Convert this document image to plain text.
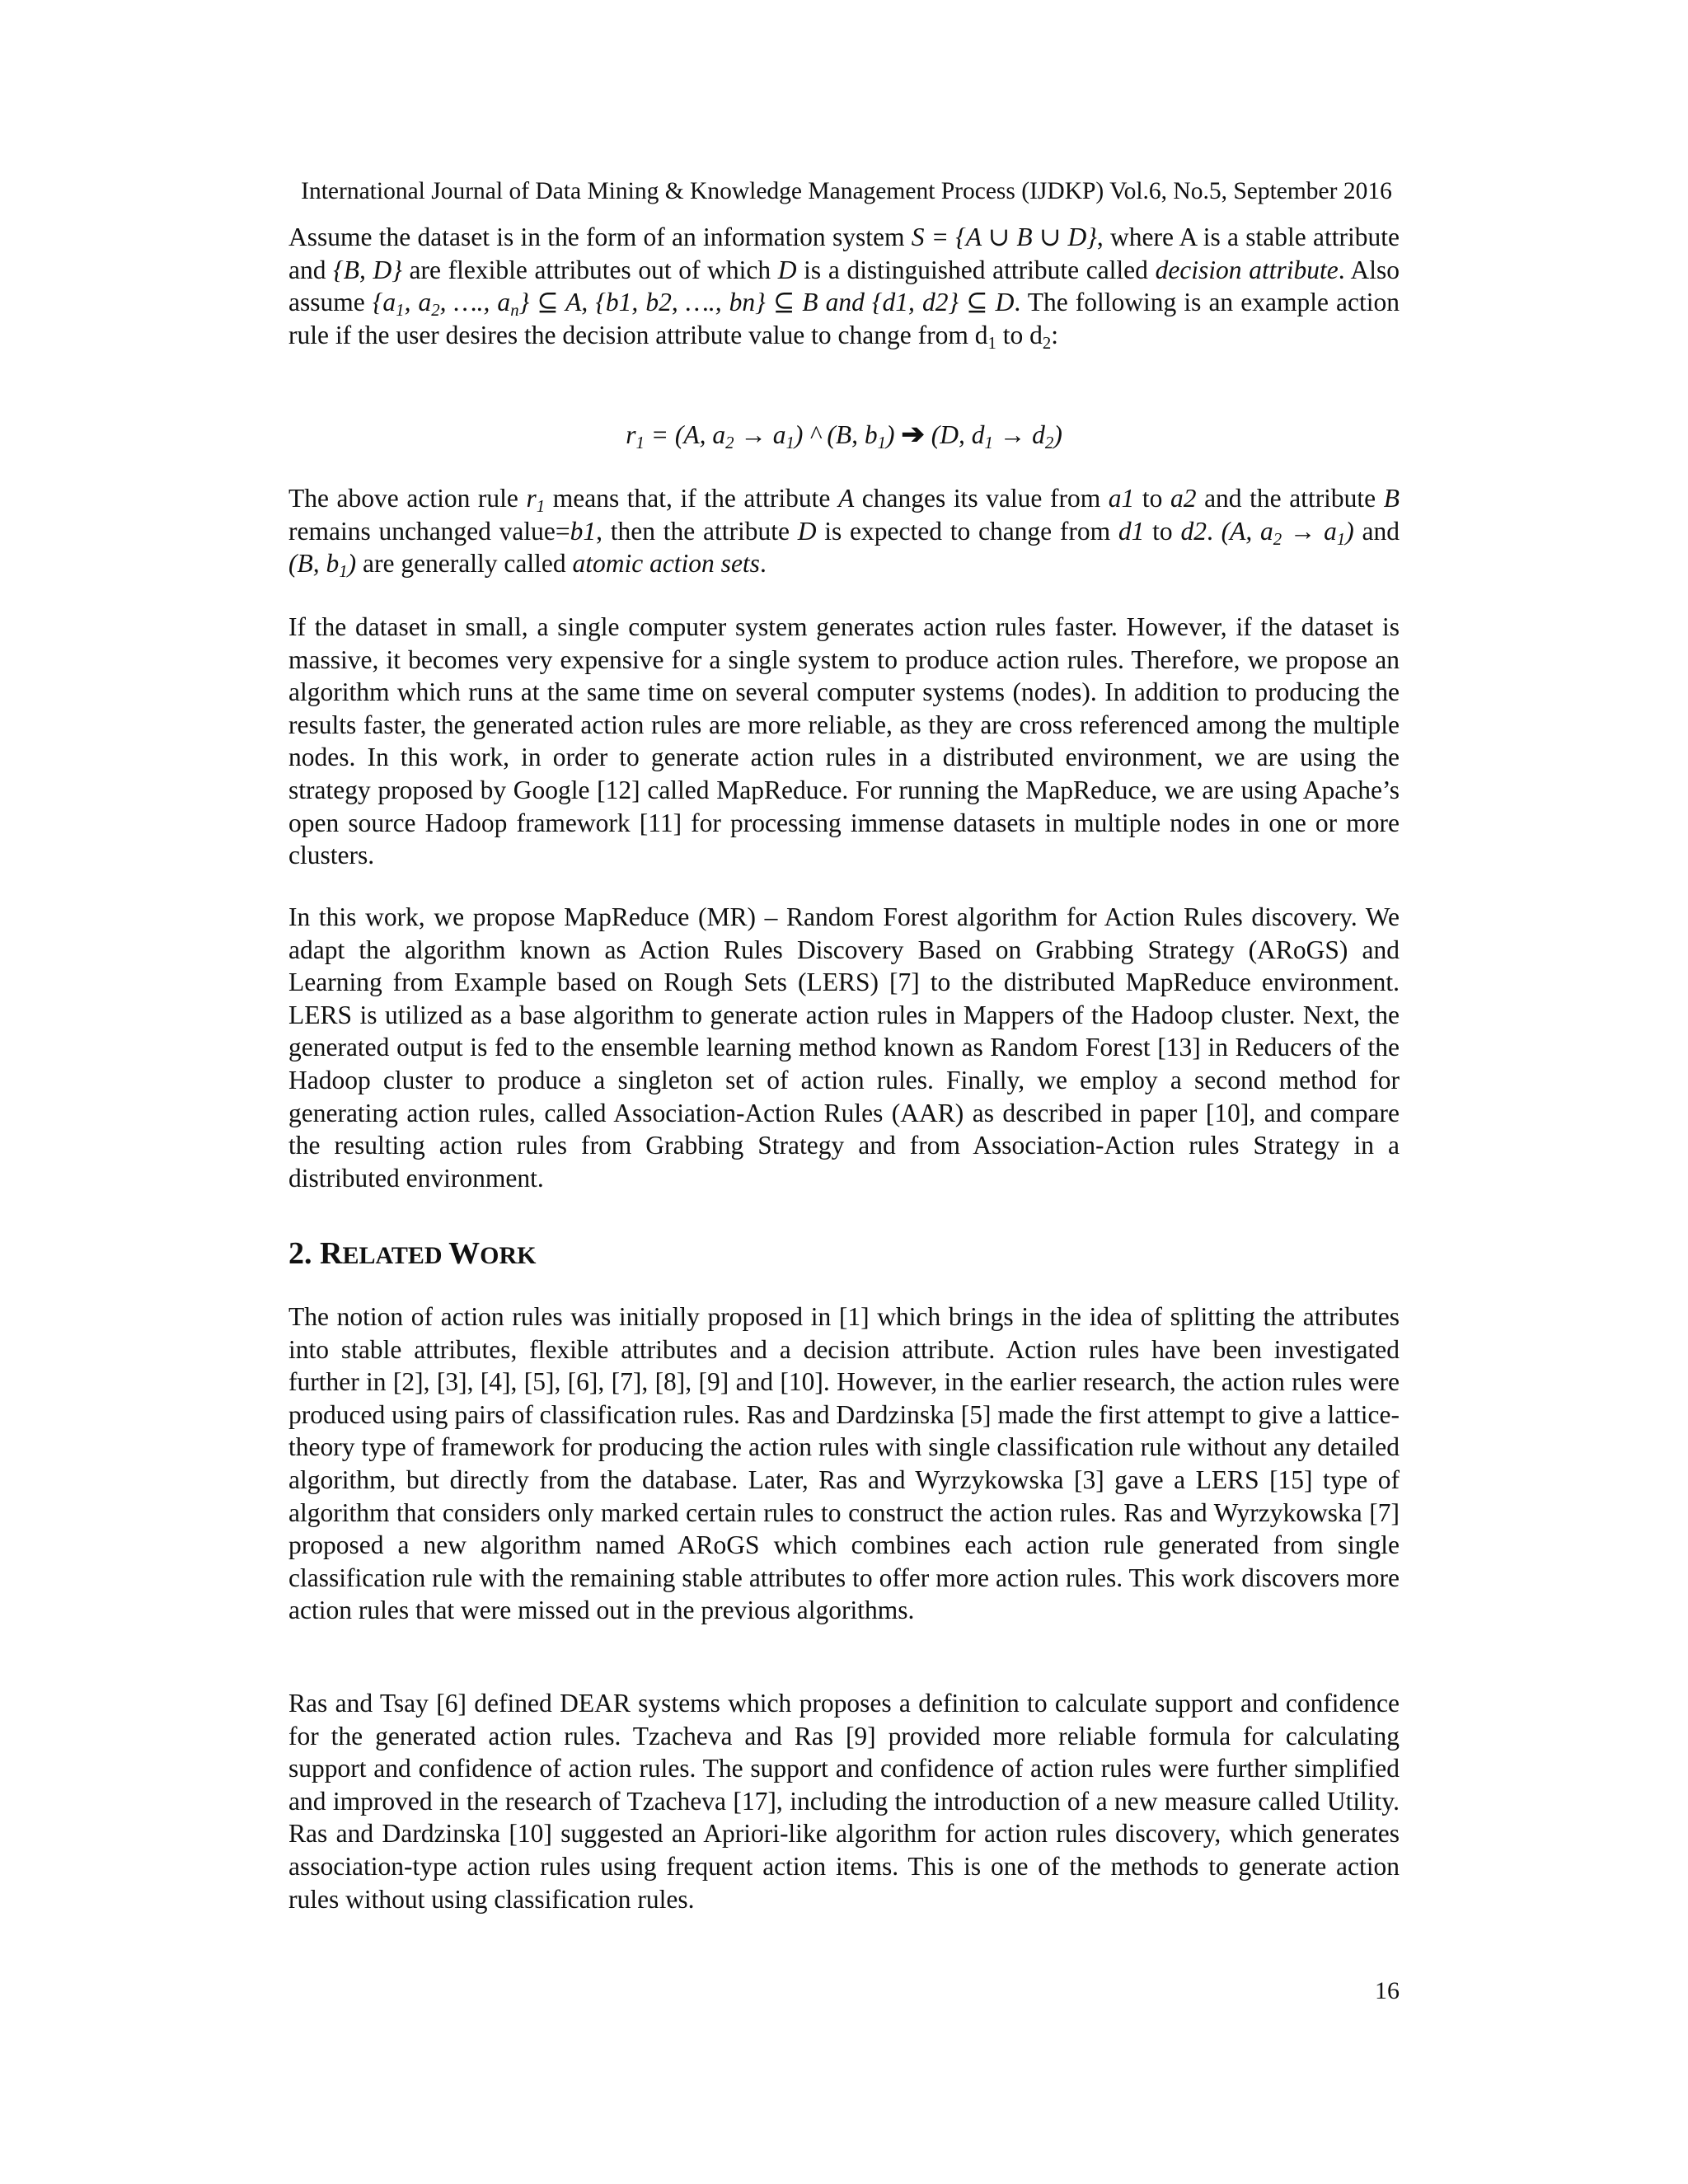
International Journal of Data Mining & Knowledge Management Process (IJDKP) Vol.6, No.5, September 2016

Assume the dataset is in the form of an information system S = {A ∪ B ∪ D}, where A is a stable attribute and {B, D} are flexible attributes out of which D is a distinguished attribute called decision attribute. Also assume {$a_1$, $a_2$, …., $a_n$} ⊆ A, {b1, b2, …., bn} ⊆ B and {d1, d2} ⊆ D. The following is an example action rule if the user desires the decision attribute value to change from $d_1$ to $d_2$:

$r_1 = (A$, $a_2 \to a_1$) ^ (B, $b_1$) ➔ (D, $d_1 \to d_2$)

The above action rule $r_1$ means that, if the attribute A changes its value from a1 to a2 and the attribute B remains unchanged value=b1, then the attribute D is expected to change from d1 to d2. (A, $a_2 \to a_1$) and (B, $b_1$) are generally called atomic action sets.

If the dataset in small, a single computer system generates action rules faster. However, if the dataset is massive, it becomes very expensive for a single system to produce action rules. Therefore, we propose an algorithm which runs at the same time on several computer systems (nodes). In addition to producing the results faster, the generated action rules are more reliable, as they are cross referenced among the multiple nodes. In this work, in order to generate action rules in a distributed environment, we are using the strategy proposed by Google [12] called MapReduce. For running the MapReduce, we are using Apache’s open source Hadoop framework [11] for processing immense datasets in multiple nodes in one or more clusters.

In this work, we propose MapReduce (MR) – Random Forest algorithm for Action Rules discovery. We adapt the algorithm known as Action Rules Discovery Based on Grabbing Strategy (ARoGS) and Learning from Example based on Rough Sets (LERS) [7] to the distributed MapReduce environment. LERS is utilized as a base algorithm to generate action rules in Mappers of the Hadoop cluster. Next, the generated output is fed to the ensemble learning method known as Random Forest [13] in Reducers of the Hadoop cluster to produce a singleton set of action rules. Finally, we employ a second method for generating action rules, called Association-Action Rules (AAR) as described in paper [10], and compare the resulting action rules from Grabbing Strategy and from Association-Action rules Strategy in a distributed environment.

2. RELATED WORK

The notion of action rules was initially proposed in [1] which brings in the idea of splitting the attributes into stable attributes, flexible attributes and a decision attribute. Action rules have been investigated further in [2], [3], [4], [5], [6], [7], [8], [9] and [10]. However, in the earlier research, the action rules were produced using pairs of classification rules. Ras and Dardzinska [5] made the first attempt to give a lattice-theory type of framework for producing the action rules with single classification rule without any detailed algorithm, but directly from the database. Later, Ras and Wyrzykowska [3] gave a LERS [15] type of algorithm that considers only marked certain rules to construct the action rules. Ras and Wyrzykowska [7] proposed a new algorithm named ARoGS which combines each action rule generated from single classification rule with the remaining stable attributes to offer more action rules. This work discovers more action rules that were missed out in the previous algorithms.

Ras and Tsay [6] defined DEAR systems which proposes a definition to calculate support and confidence for the generated action rules. Tzacheva and Ras [9] provided more reliable formula for calculating support and confidence of action rules. The support and confidence of action rules were further simplified and improved in the research of Tzacheva [17], including the introduction of a new measure called Utility. Ras and Dardzinska [10] suggested an Apriori-like algorithm for action rules discovery, which generates association-type action rules using frequent action items. This is one of the methods to generate action rules without using classification rules.

16
